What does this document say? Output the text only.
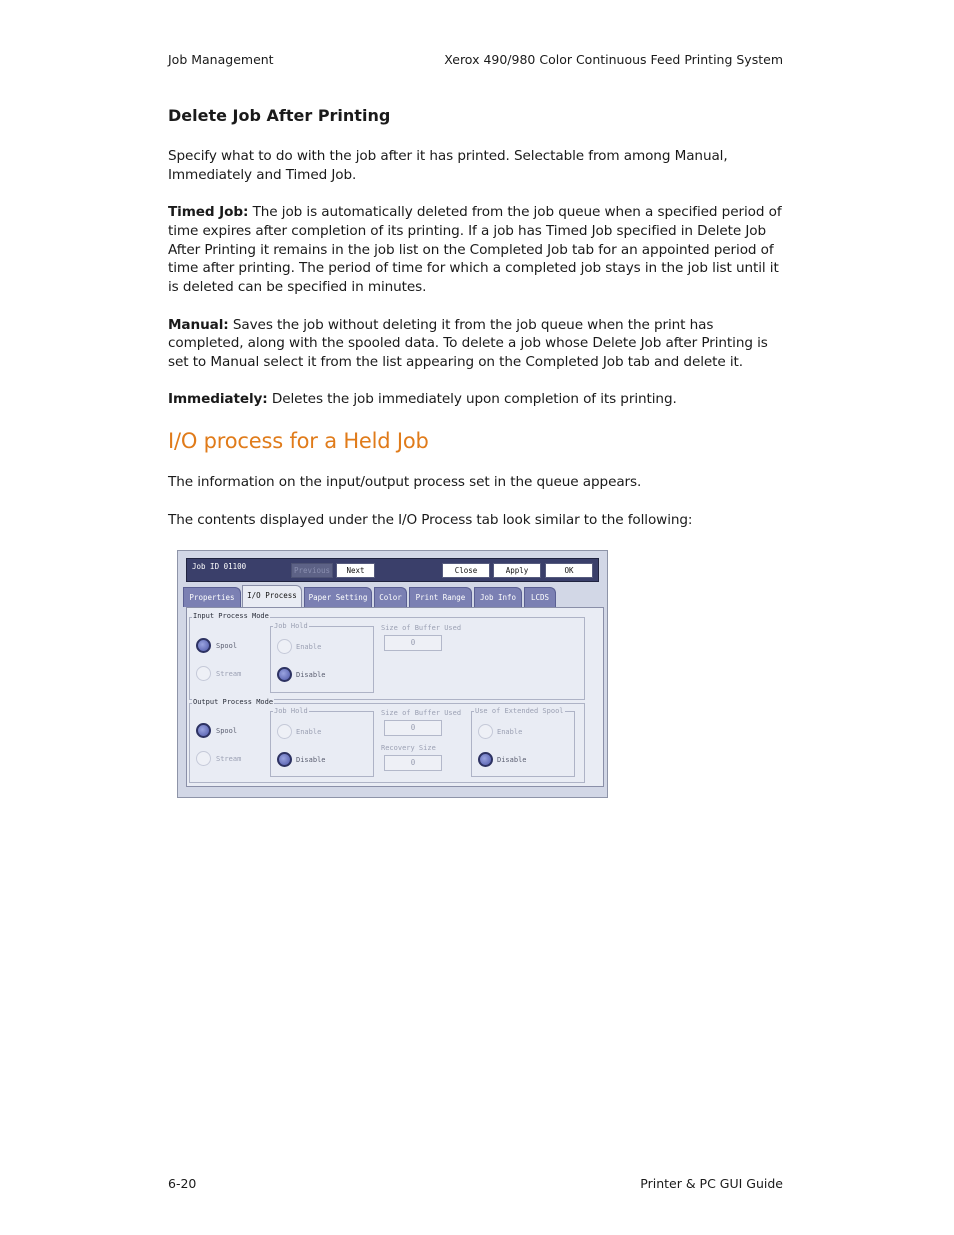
Job Management	Xerox 490/980 Color Continuous Feed Printing System
Delete Job After Printing

Specify what to do with the job after it has printed. Selectable from among Manual, Immediately and Timed Job.

Timed Job: The job is automatically deleted from the job queue when a specified period of time expires after completion of its printing. If a job has Timed Job specified in Delete Job After Printing it remains in the job list on the Completed Job tab for an appointed period of time after printing. The period of time for which a completed job stays in the job list until it is deleted can be specified in minutes.

Manual: Saves the job without deleting it from the job queue when the print has completed, along with the spooled data. To delete a job whose Delete Job after Printing is set to Manual select it from the list appearing on the Completed Job tab and delete it.

Immediately: Deletes the job immediately upon completion of its printing.

I/O process for a Held Job

The information on the input/output process set in the queue appears.

The contents displayed under the I/O Process tab look similar to the following:

Job ID 01100	Previous	Next	Close	Apply	OK
Properties	I/O Process	Paper Setting	Color	Print Range	Job Info	LCDS
Input Process Mode
Spool
Stream
Job Hold
Enable
Disable
Size of Buffer Used
0
Output Process Mode
Spool
Stream
Job Hold
Enable
Disable
Size of Buffer Used
0
Recovery Size
0
Use of Extended Spool
Enable
Disable
6-20	Printer & PC GUI Guide
